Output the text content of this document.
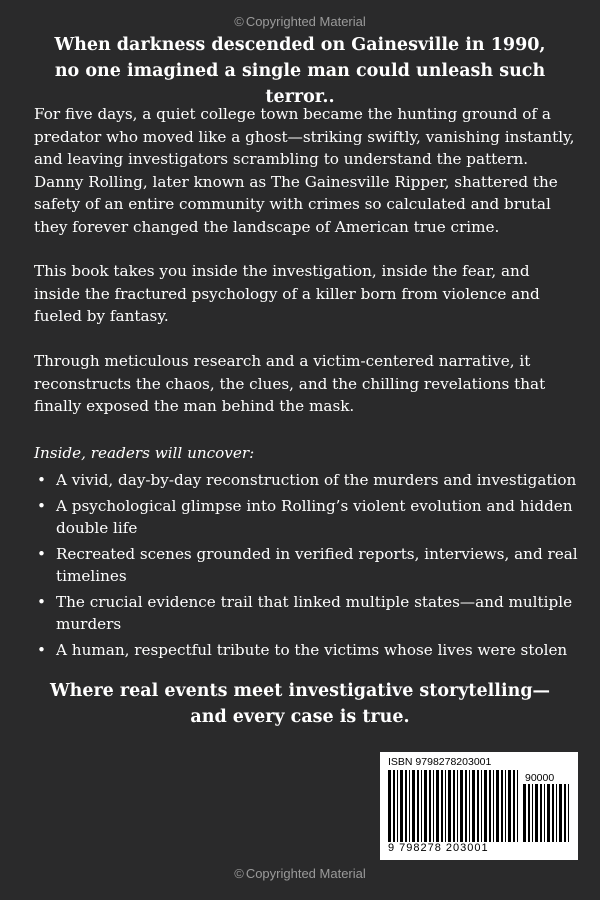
© Copyrighted Material
When darkness descended on Gainesville in 1990, no one imagined a single man could unleash such terror..
For five days, a quiet college town became the hunting ground of a predator who moved like a ghost—striking swiftly, vanishing instantly, and leaving investigators scrambling to understand the pattern. Danny Rolling, later known as The Gainesville Ripper, shattered the safety of an entire community with crimes so calculated and brutal they forever changed the landscape of American true crime.
This book takes you inside the investigation, inside the fear, and inside the fractured psychology of a killer born from violence and fueled by fantasy.
Through meticulous research and a victim-centered narrative, it reconstructs the chaos, the clues, and the chilling revelations that finally exposed the man behind the mask.
Inside, readers will uncover:
• A vivid, day-by-day reconstruction of the murders and investigation
• A psychological glimpse into Rolling’s violent evolution and hidden double life
• Recreated scenes grounded in verified reports, interviews, and real timelines
• The crucial evidence trail that linked multiple states—and multiple murders
• A human, respectful tribute to the victims whose lives were stolen
Where real events meet investigative storytelling—and every case is true.
ISBN 9798278203001
90000
9 798278 203001
© Copyrighted Material
